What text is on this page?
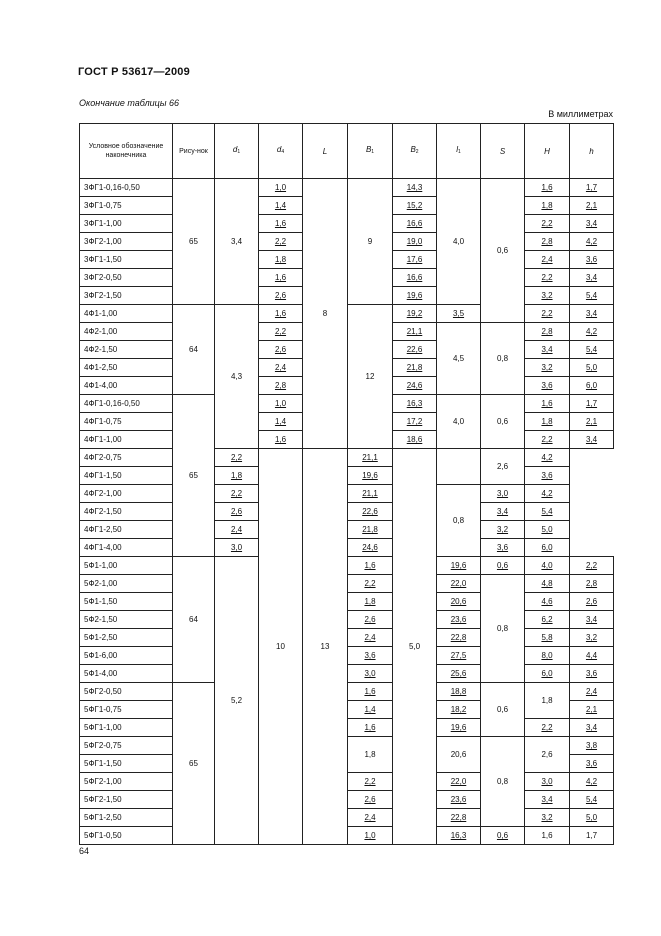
ГОСТ Р 53617—2009
Окончание таблицы 66
В миллиметрах
Условное обозначение наконечника	Рису-нок	$d_1$	$d_4$	L	$B_1$	$B_2$	$l_1$	S	H	h
3ФГ1-0,16-0,50	65	3,4	1,0	8	9	14,3	4,0	0,6	1,6	1,7
3ФГ1-0,75			1,4			15,2			1,8	2,1
3ФГ1-1,00			1,6			16,6			2,2	3,4
3ФГ2-1,00			2,2			19,0			2,8	4,2
3ФГ1-1,50			1,8			17,6			2,4	3,6
3ФГ2-0,50			1,6			16,6			2,2	3,4
3ФГ2-1,50			2,6			19,6			3,2	5,4
4Ф1-1,00	64	4,3	1,6		12	19,2	3,5		2,2	3,4
4Ф2-1,00			2,2			21,1	4,5	0,8	2,8	4,2
4Ф2-1,50			2,6			22,6			3,4	5,4
4Ф1-2,50			2,4			21,8			3,2	5,0
4Ф1-4,00			2,8			24,6			3,6	6,0
4ФГ1-0,16-0,50	65		1,0			16,3	4,0	0,6	1,6	1,7
4ФГ1-0,75			1,4			17,2			1,8	2,1
4ФГ1-1,00			1,6			18,6			2,2	3,4
4ФГ2-0,75		2,2	10	13	21,1	5,0		2,6	4,2	
4ФГ1-1,50		1,8			19,6				3,6	
4ФГ2-1,00		2,2			21,1		0,8	3,0	4,2	
4ФГ2-1,50		2,6			22,6			3,4	5,4	
4ФГ1-2,50		2,4			21,8			3,2	5,0	
4ФГ1-4,00		3,0			24,6			3,6	6,0	
5Ф1-1,00	64	5,2			1,6		19,6	0,6	4,0	2,2
5Ф2-1,00					2,2		22,0	0,8	4,8	2,8
5Ф1-1,50					1,8		20,6		4,6	2,6
5Ф2-1,50					2,6		23,6		6,2	3,4
5Ф1-2,50					2,4		22,8		5,8	3,2
5Ф1-6,00					3,6		27,5		8,0	4,4
5Ф1-4,00					3,0		25,6		6,0	3,6
5ФГ2-0,50	65				1,6		18,8	0,6	1,8	2,4
5ФГ1-0,75					1,4		18,2			2,1
5ФГ1-1,00					1,6		19,6		2,2	3,4
5ФГ2-0,75					1,8		20,6	0,8	2,6	3,8
5ФГ1-1,50										3,6
5ФГ2-1,00					2,2		22,0		3,0	4,2
5ФГ2-1,50					2,6		23,6		3,4	5,4
5ФГ1-2,50					2,4		22,8		3,2	5,0
5ФГ1-0,50					1,0		16,3	0,6	1,6	1,7
64
